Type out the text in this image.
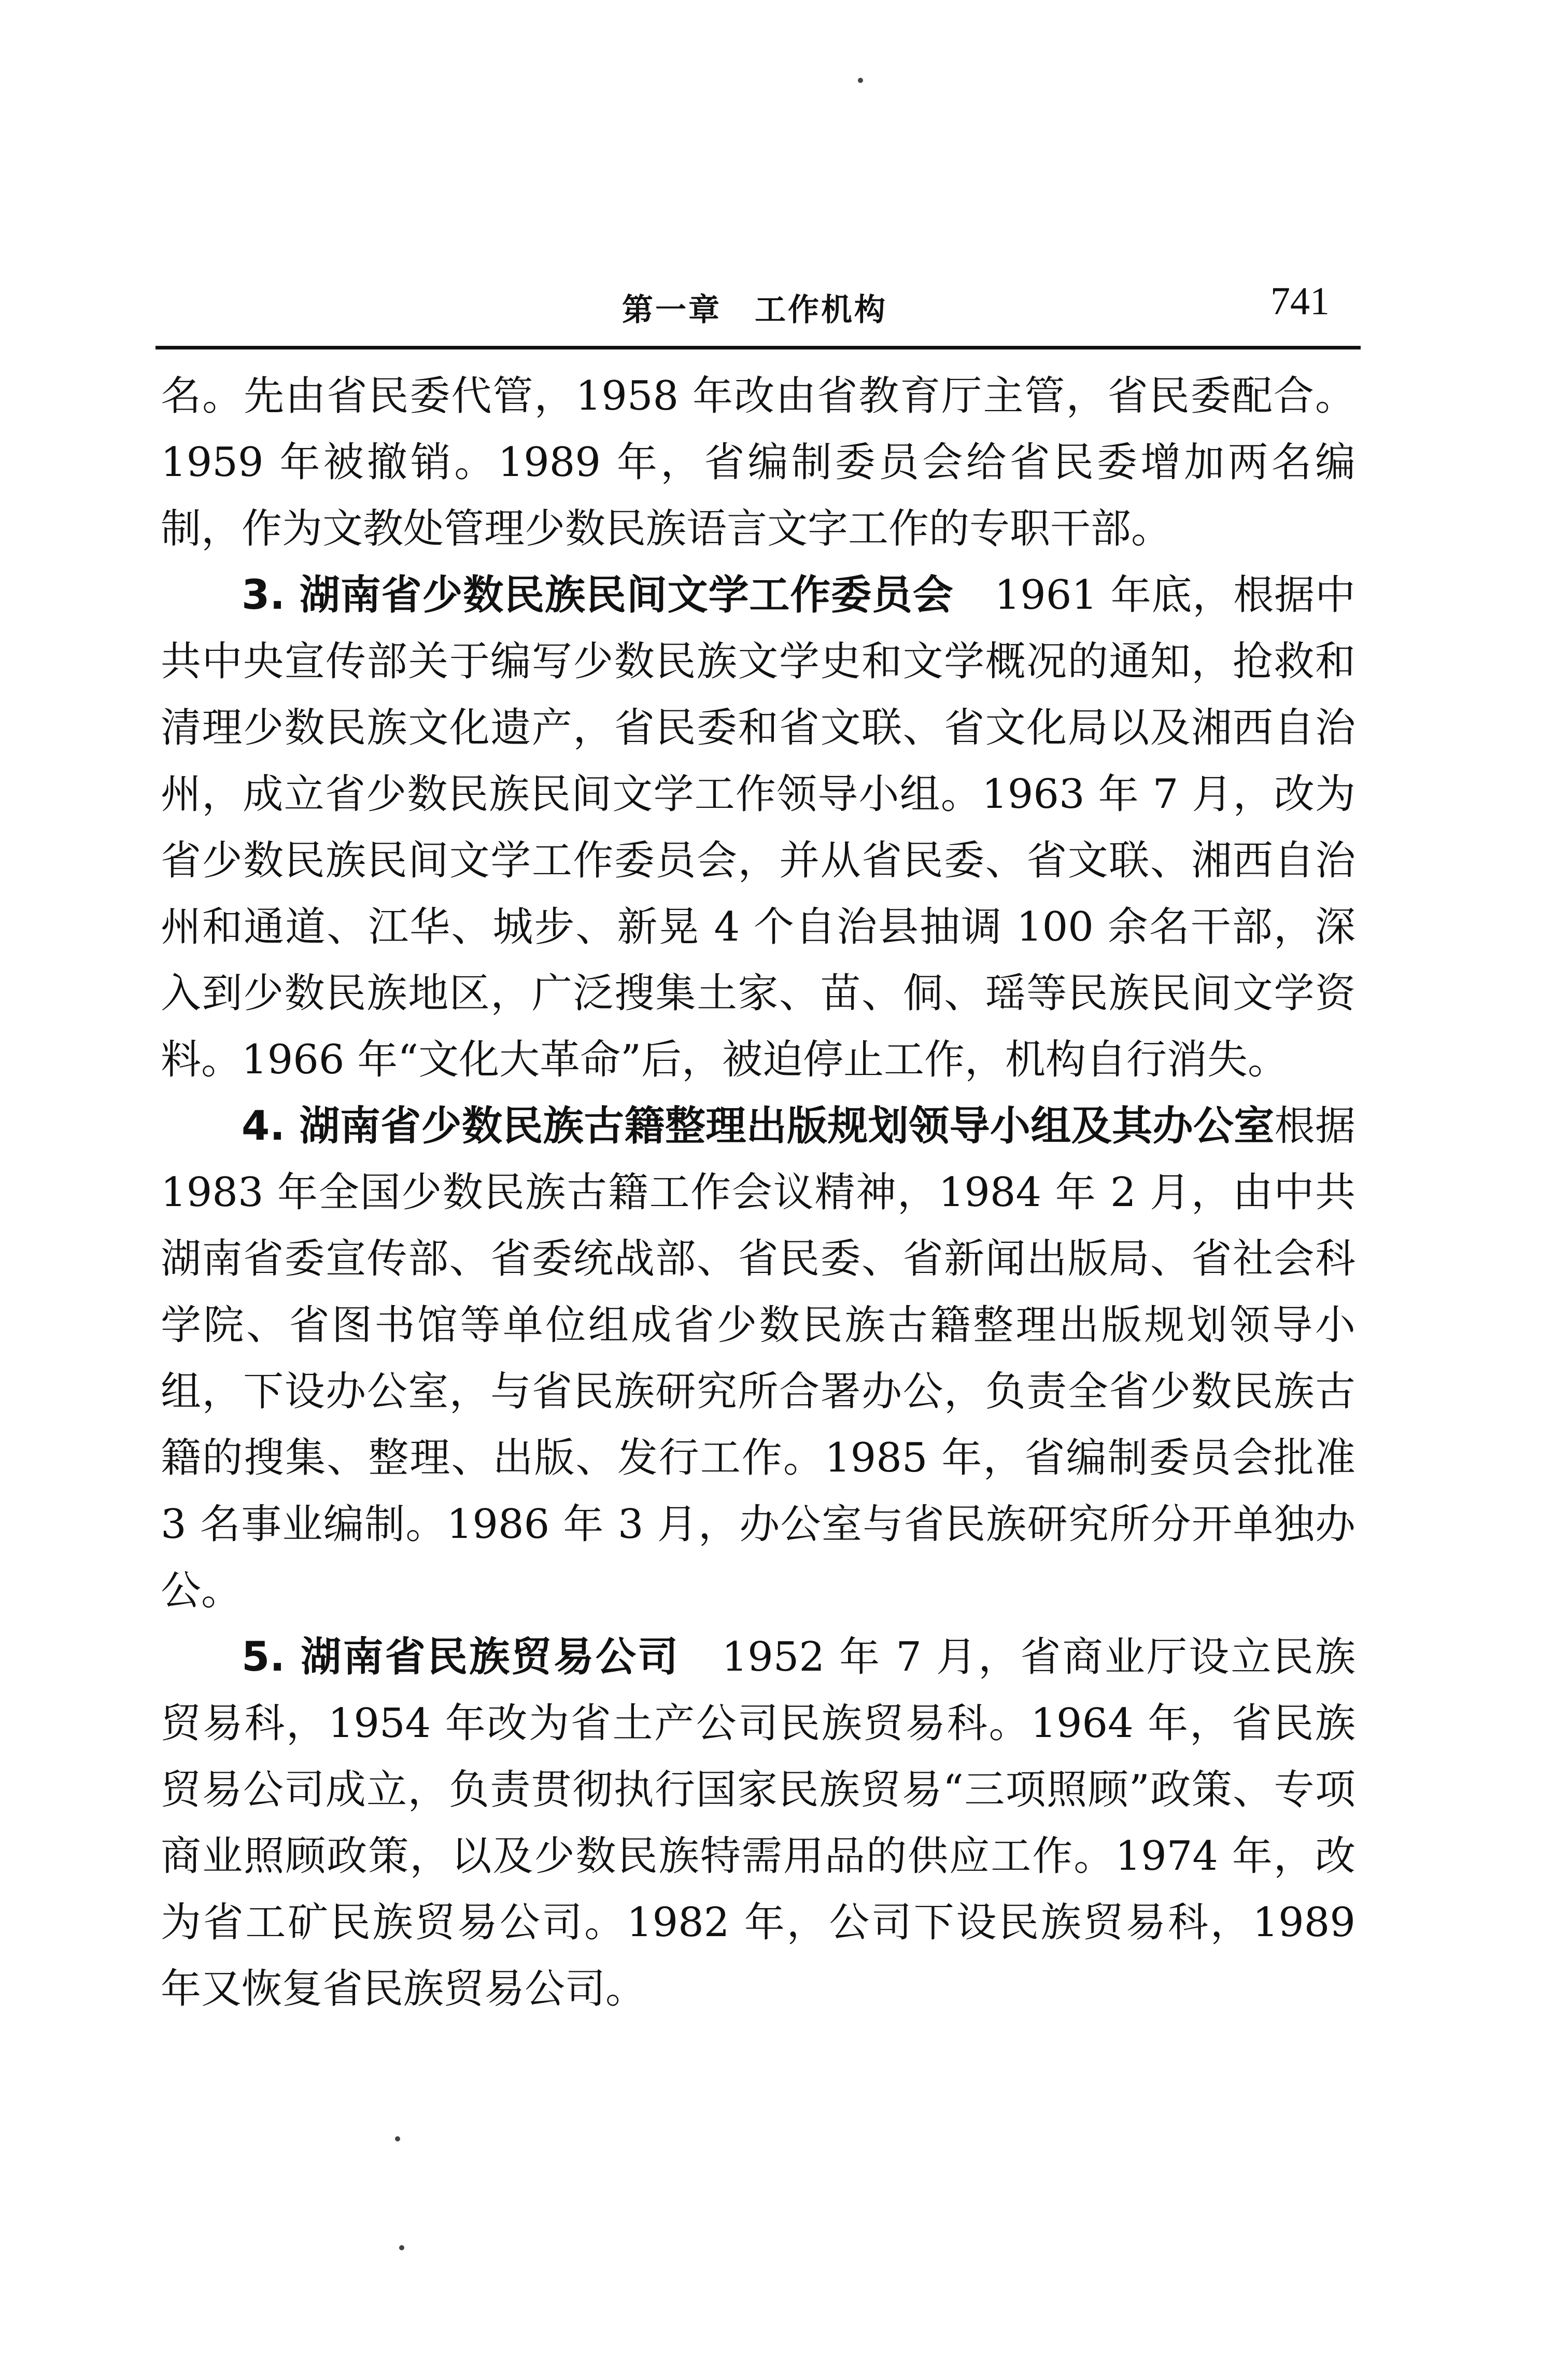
第一章　工作机构	741

名。先由省民委代管，1958 年改由省教育厅主管，省民委配合。1959 年被撤销。1989 年，省编制委员会给省民委增加两名编制，作为文教处管理少数民族语言文字工作的专职干部。

3. 湖南省少数民族民间文学工作委员会　1961 年底，根据中共中央宣传部关于编写少数民族文学史和文学概况的通知，抢救和清理少数民族文化遗产，省民委和省文联、省文化局以及湘西自治州，成立省少数民族民间文学工作领导小组。1963 年 7 月，改为省少数民族民间文学工作委员会，并从省民委、省文联、湘西自治州和通道、江华、城步、新晃 4 个自治县抽调 100 余名干部，深入到少数民族地区，广泛搜集土家、苗、侗、瑶等民族民间文学资料。1966 年“文化大革命”后，被迫停止工作，机构自行消失。

4. 湖南省少数民族古籍整理出版规划领导小组及其办公室根据 1983 年全国少数民族古籍工作会议精神，1984 年 2 月，由中共湖南省委宣传部、省委统战部、省民委、省新闻出版局、省社会科学院、省图书馆等单位组成省少数民族古籍整理出版规划领导小组，下设办公室，与省民族研究所合署办公，负责全省少数民族古籍的搜集、整理、出版、发行工作。1985 年，省编制委员会批准 3 名事业编制。1986 年 3 月，办公室与省民族研究所分开单独办公。

5. 湖南省民族贸易公司　1952 年 7 月，省商业厅设立民族贸易科，1954 年改为省土产公司民族贸易科。1964 年，省民族贸易公司成立，负责贯彻执行国家民族贸易“三项照顾”政策、专项商业照顾政策，以及少数民族特需用品的供应工作。1974 年，改为省工矿民族贸易公司。1982 年，公司下设民族贸易科，1989 年又恢复省民族贸易公司。
